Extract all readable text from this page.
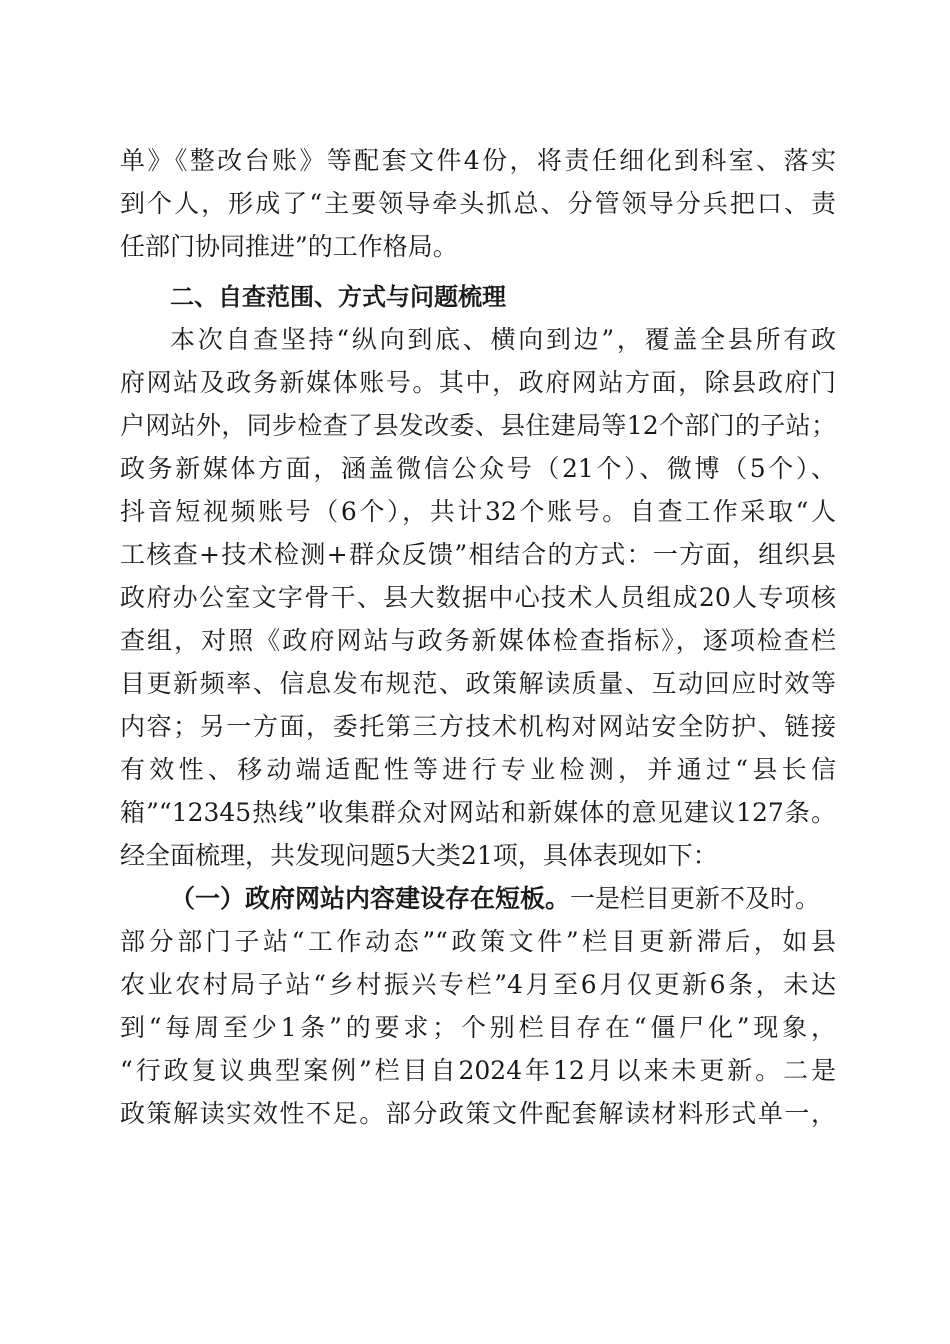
单》《整改台账》等配套文件4份，将责任细化到科室、落实
到个人，形成了“主要领导牵头抓总、分管领导分兵把口、责
任部门协同推进”的工作格局。
二、自查范围、方式与问题梳理
本次自查坚持“纵向到底、横向到边”，覆盖全县所有政
府网站及政务新媒体账号。其中，政府网站方面，除县政府门
户网站外，同步检查了县发改委、县住建局等12个部门的子站；
政务新媒体方面，涵盖微信公众号（21个）、微博（5个）、
抖音短视频账号（6个），共计32个账号。自查工作采取“人
工核查+技术检测+群众反馈”相结合的方式：一方面，组织县
政府办公室文字骨干、县大数据中心技术人员组成20人专项核
查组，对照《政府网站与政务新媒体检查指标》，逐项检查栏
目更新频率、信息发布规范、政策解读质量、互动回应时效等
内容；另一方面，委托第三方技术机构对网站安全防护、链接
有效性、移动端适配性等进行专业检测，并通过“县长信
箱”“12345热线”收集群众对网站和新媒体的意见建议127条。
经全面梳理，共发现问题5大类21项，具体表现如下：
（一）政府网站内容建设存在短板。一是栏目更新不及时。
部分部门子站“工作动态”“政策文件”栏目更新滞后，如县
农业农村局子站“乡村振兴专栏”4月至6月仅更新6条，未达
到“每周至少1条”的要求；个别栏目存在“僵尸化”现象，
“行政复议典型案例”栏目自2024年12月以来未更新。二是
政策解读实效性不足。部分政策文件配套解读材料形式单一，
